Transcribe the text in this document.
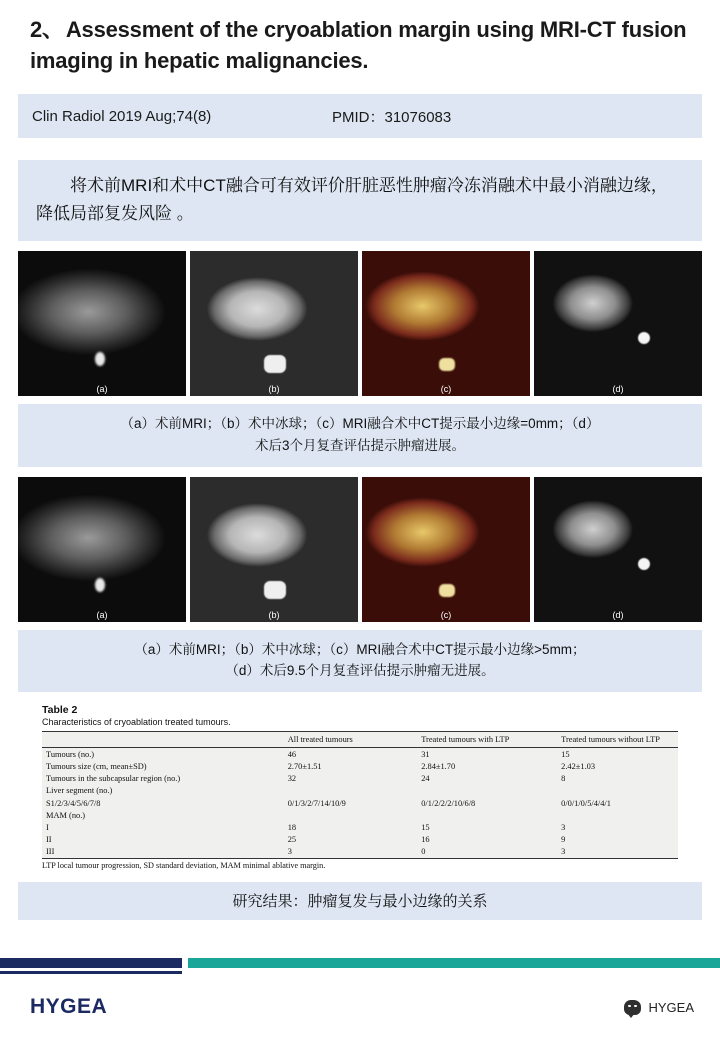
2、Assessment of the cryoablation margin using MRI-CT fusion imaging in hepatic malignancies.
Clin Radiol 2019 Aug;74(8)	PMID：31076083
将术前MRI和术中CT融合可有效评价肝脏恶性肿瘤冷冻消融术中最小消融边缘，降低局部复发风险 。
(a)	(b)	(c)	(d)
（a）术前MRI；（b）术中冰球；（c）MRI融合术中CT提示最小边缘=0mm；（d）
术后3个月复查评估提示肿瘤进展。
(a)	(b)	(c)	(d)
（a）术前MRI；（b）术中冰球；（c）MRI融合术中CT提示最小边缘>5mm；
（d）术后9.5个月复查评估提示肿瘤无进展。
Table 2
Characteristics of cryoablation treated tumours.
	All treated tumours	Treated tumours with LTP	Treated tumours without LTP
Tumours (no.)	46	31	15
Tumours size (cm, mean±SD)	2.70±1.51	2.84±1.70	2.42±1.03
Tumours in the subcapsular region (no.)	32	24	8
Liver segment (no.)			
S1/2/3/4/5/6/7/8	0/1/3/2/7/14/10/9	0/1/2/2/2/10/6/8	0/0/1/0/5/4/4/1
MAM (no.)			
I	18	15	3
II	25	16	9
III	3	0	3
LTP local tumour progression, SD standard deviation, MAM minimal ablative margin.
研究结果：肿瘤复发与最小边缘的关系
HYGEA	HYGEA
